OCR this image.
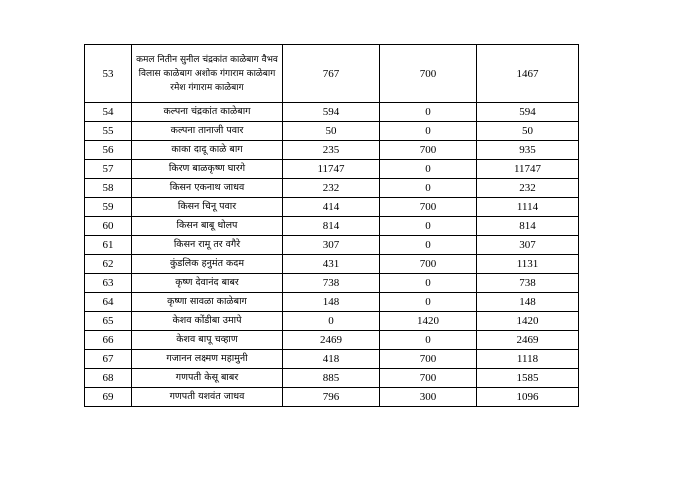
53	कमल नितीन सुनील चंद्रकांत काळेबाग वैभव विलास काळेबाग अशोक गंगाराम काळेबाग रमेश गंगाराम काळेबाग	767	700	1467
54	कल्पना चंद्रकांत काळेबाग	594	0	594
55	कल्पना तानाजी पवार	50	0	50
56	काका दादू काळे बाग	235	700	935
57	किरण बाळकृष्ण घारगे	11747	0	11747
58	किसन एकनाथ जाधव	232	0	232
59	किसन चिनू पवार	414	700	1114
60	किसन बाबू धोलप	814	0	814
61	किसन रामू तर वगैरे	307	0	307
62	कुंडलिक हनुमंत कदम	431	700	1131
63	कृष्ण देवानंद बाबर	738	0	738
64	कृष्णा सावळा काळेबाग	148	0	148
65	केशव कोंडीबा उमापे	0	1420	1420
66	केशव बापू चव्हाण	2469	0	2469
67	गजानन लक्ष्मण महामुनी	418	700	1118
68	गणपती केसू बाबर	885	700	1585
69	गणपती यशवंत जाधव	796	300	1096
